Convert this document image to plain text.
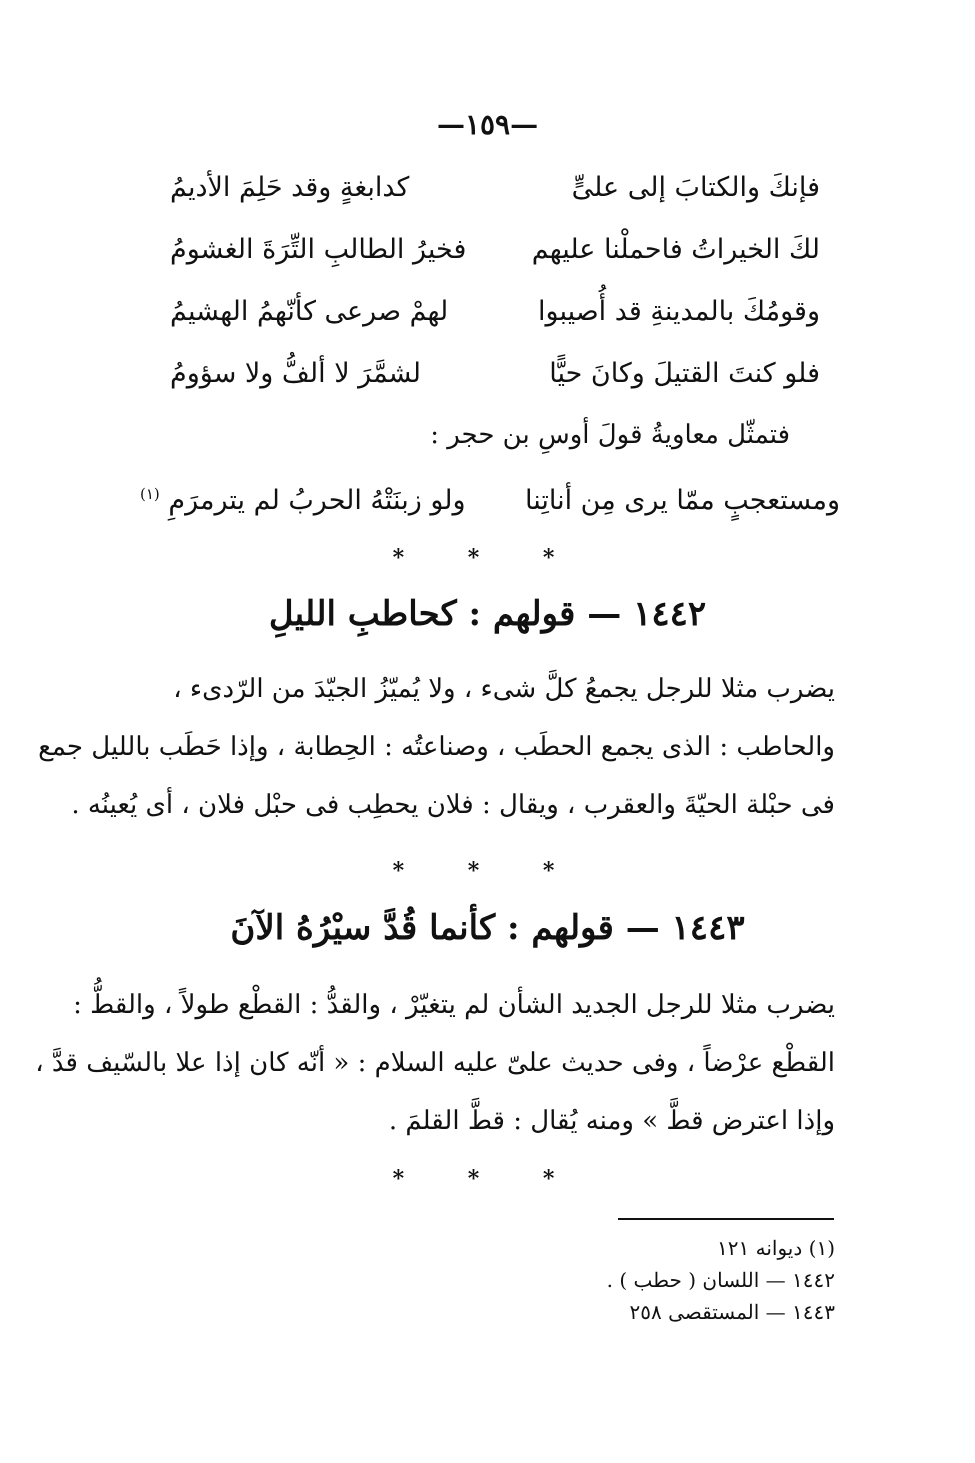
—١٥٩—
فإنكَ والكتابَ إلى علىٍّ
كدابغةٍ وقد حَلِمَ الأديمُ
لكَ الخيراتُ فاحملْنا عليهم
فخيرُ الطالبِ التِّرَةَ الغشومُ
وقومُكَ بالمدينةِ قد أُصيبوا
لهمْ صرعى كأنّهمُ الهشيمُ
فلو كنتَ القتيلَ وكانَ حيًّا
لشمَّرَ لا ألفُّ ولا سؤومُ
فتمثّل معاويةُ قولَ أوسِ بن حجر :
ومستعجبٍ ممّا يرى مِن أناتِنا
ولو زبنَتْهُ الحربُ لم يترمرَمِ $^{(١)}$
* * *
١٤٤٢ — قولهم : كحاطبِ الليلِ
يضرب مثلا للرجل يجمعُ كلَّ شىء ، ولا يُميّزُ الجيّدَ من الرّدىء ،
والحاطب : الذى يجمع الحطَب ، وصناعتُه : الحِطابة ، وإذا حَطَب بالليل جمع
فى حبْلة الحيّةَ والعقرب ، ويقال : فلان يحطِب فى حبْل فلان ، أى يُعينُه .
* * *
١٤٤٣ — قولهم : كأنما قُدَّ سيْرُهُ الآنَ
يضرب مثلا للرجل الجديد الشأن لم يتغيّرْ ، والقدُّ : القطْع طولاً ، والقطُّ :
القطْع عرْضاً ، وفى حديث علىّ عليه السلام : « أنّه كان إذا علا بالسّيف قدَّ ،
وإذا اعترض قطَّ » ومنه يُقال : قطَّ القلمَ .
* * *
(١) ديوانه ١٢١
١٤٤٢ — اللسان ( حطب ) .
١٤٤٣ — المستقصى ٢٥٨
